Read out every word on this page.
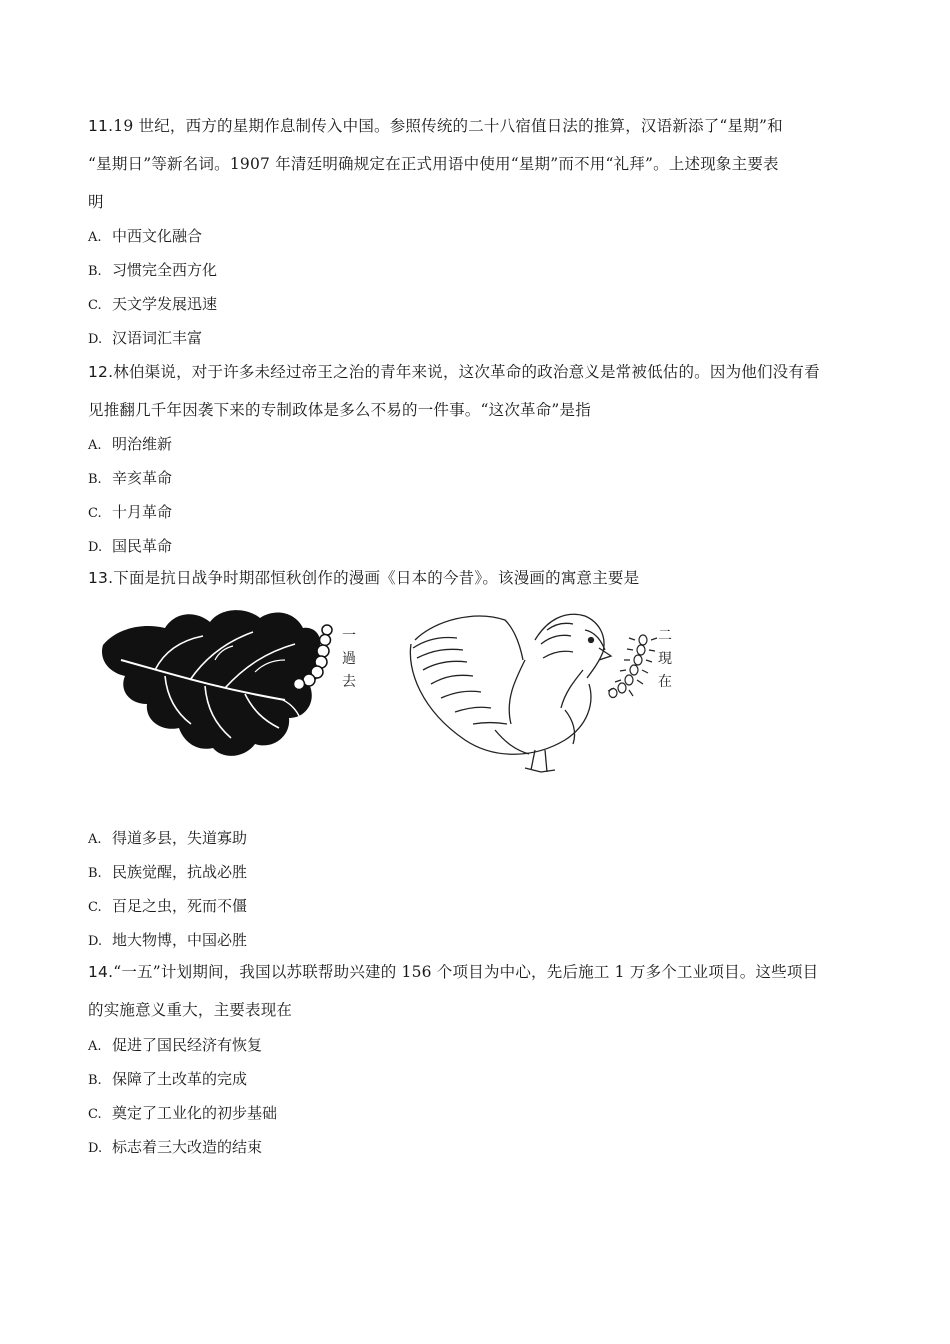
11.19 世纪，西方的星期作息制传入中国。参照传统的二十八宿值日法的推算，汉语新添了“星期”和
“星期日”等新名词。1907 年清廷明确规定在正式用语中使用“星期”而不用“礼拜”。上述现象主要表
明
A. 中西文化融合
B. 习惯完全西方化
C. 天文学发展迅速
D. 汉语词汇丰富
12.林伯渠说，对于许多未经过帝王之治的青年来说，这次革命的政治意义是常被低估的。因为他们没有看
见推翻几千年因袭下来的专制政体是多么不易的一件事。“这次革命”是指
A. 明治维新
B. 辛亥革命
C. 十月革命
D. 国民革命
13.下面是抗日战争时期邵恒秋创作的漫画《日本的今昔》。该漫画的寓意主要是
一
過
去
二
現
在
A. 得道多县，失道寡助
B. 民族觉醒，抗战必胜
C. 百足之虫，死而不僵
D. 地大物博，中国必胜
14.“一五”计划期间，我国以苏联帮助兴建的 156 个项目为中心，先后施工 1 万多个工业项目。这些项目
的实施意义重大，主要表现在
A. 促进了国民经济有恢复
B. 保障了土改革的完成
C. 奠定了工业化的初步基础
D. 标志着三大改造的结束
